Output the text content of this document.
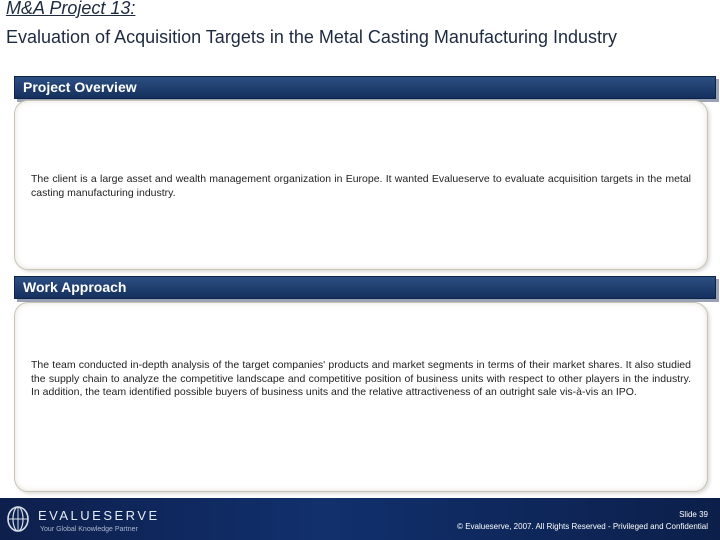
M&A Project 13:
Evaluation of Acquisition Targets in the Metal Casting Manufacturing Industry
Project Overview
The client is a large asset and wealth management organization in Europe. It wanted Evalueserve to evaluate acquisition targets in the metal casting manufacturing industry.
Work Approach
The team conducted in-depth analysis of the target companies' products and market segments in terms of their market shares. It also studied the supply chain to analyze the competitive landscape and competitive position of business units with respect to other players in the industry. In addition, the team identified possible buyers of business units and the relative attractiveness of an outright sale vis-à-vis an IPO.
EVALUESERVE
Your Global Knowledge Partner
Slide 39
© Evalueserve, 2007. All Rights Reserved - Privileged and Confidential
